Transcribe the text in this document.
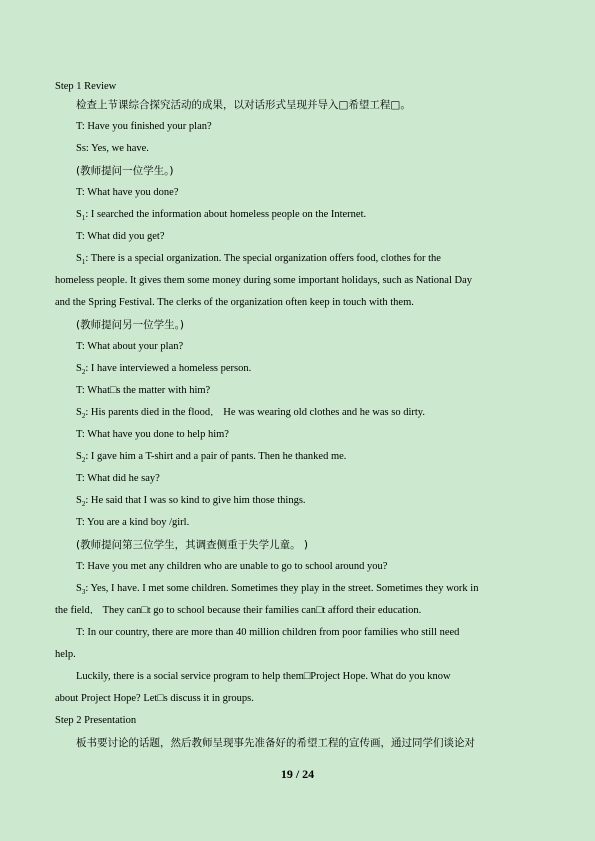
Step 1 Review

检查上节课综合探究活动的成果，以对话形式呈现并导入□希望工程□。

T: Have you finished your plan?

Ss: Yes, we have.

(教师提问一位学生。)

T: What have you done?

$S_1$: I searched the information about homeless people on the Internet.

T: What did you get?

$S_1$: There is a special organization. The special organization offers food, clothes for the

homeless people. It gives them some money during some important holidays, such as National Day

and the Spring Festival. The clerks of the organization often keep in touch with them.

(教师提问另一位学生。)

T: What about your plan?

$S_2$: I have interviewed a homeless person.

T: What□s the matter with him?

$S_2$: His parents died in the flood． He was wearing old clothes and he was so dirty.

T: What have you done to help him?

$S_2$: I gave him a T-shirt and a pair of pants. Then he thanked me.

T: What did he say?

$S_2$: He said that I was so kind to give him those things.

T: You are a kind boy /girl.

(教师提问第三位学生，其调查侧重于失学儿童。 )

T: Have you met any children who are unable to go to school around you?

$S_3$: Yes, I have. I met some children. Sometimes they play in the street. Sometimes they work in

the field． They can□t go to school because their families can□t afford their education.

T: In our country, there are more than 40 million children from poor families who still need

help.

Luckily, there is a social service program to help them□Project Hope. What do you know

about Project Hope? Let□s discuss it in groups.

Step 2 Presentation

板书要讨论的话题，然后教师呈现事先准备好的希望工程的宣传画，通过同学们谈论对

19 / 24
